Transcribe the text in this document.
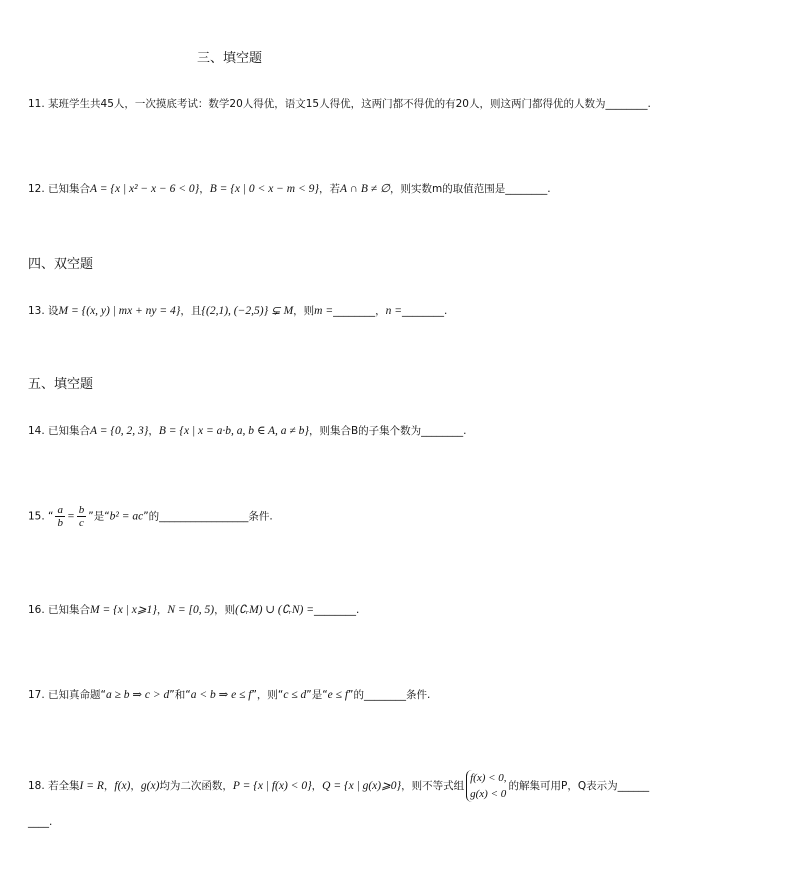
三、填空题
11. 某班学生共45人，一次摸底考试：数学20人得优，语文15人得优，这两门都不得优的有20人，则这两门都得优的人数为________.
12. 已知集合A = {x | x² − x − 6 < 0}，B = {x | 0 < x − m < 9}，若A ∩ B ≠ ∅，则实数m的取值范围是________.
四、双空题
13. 设M = {(x, y) | mx + ny = 4}，且{(2,1), (−2,5)} ⊊ M，则m =________，n =________.
五、填空题
14. 已知集合A = {0, 2, 3}，B = {x | x = a·b, a, b ∈ A, a ≠ b}，则集合B的子集个数为________.
15. “ $\frac{a}{b} = \frac{b}{c}$ ”是“b² = ac”的_________________条件.
16. 已知集合M = {x | x⩾1}，N = [0, 5)，则(∁ᵣM) ∪ (∁ᵣN) =________.
17. 已知真命题“a ≥ b ⇒ c > d”和“a < b ⇒ e ≤ f”，则“c ≤ d”是“e ≤ f”的________条件.
18. 若全集I = R，f(x)，g(x)均为二次函数，P = {x | f(x) < 0}，Q = {x | g(x)⩾0}，则不等式组
f(x) < 0,
g(x) < 0
的解集可用P，Q表示为______
____.
